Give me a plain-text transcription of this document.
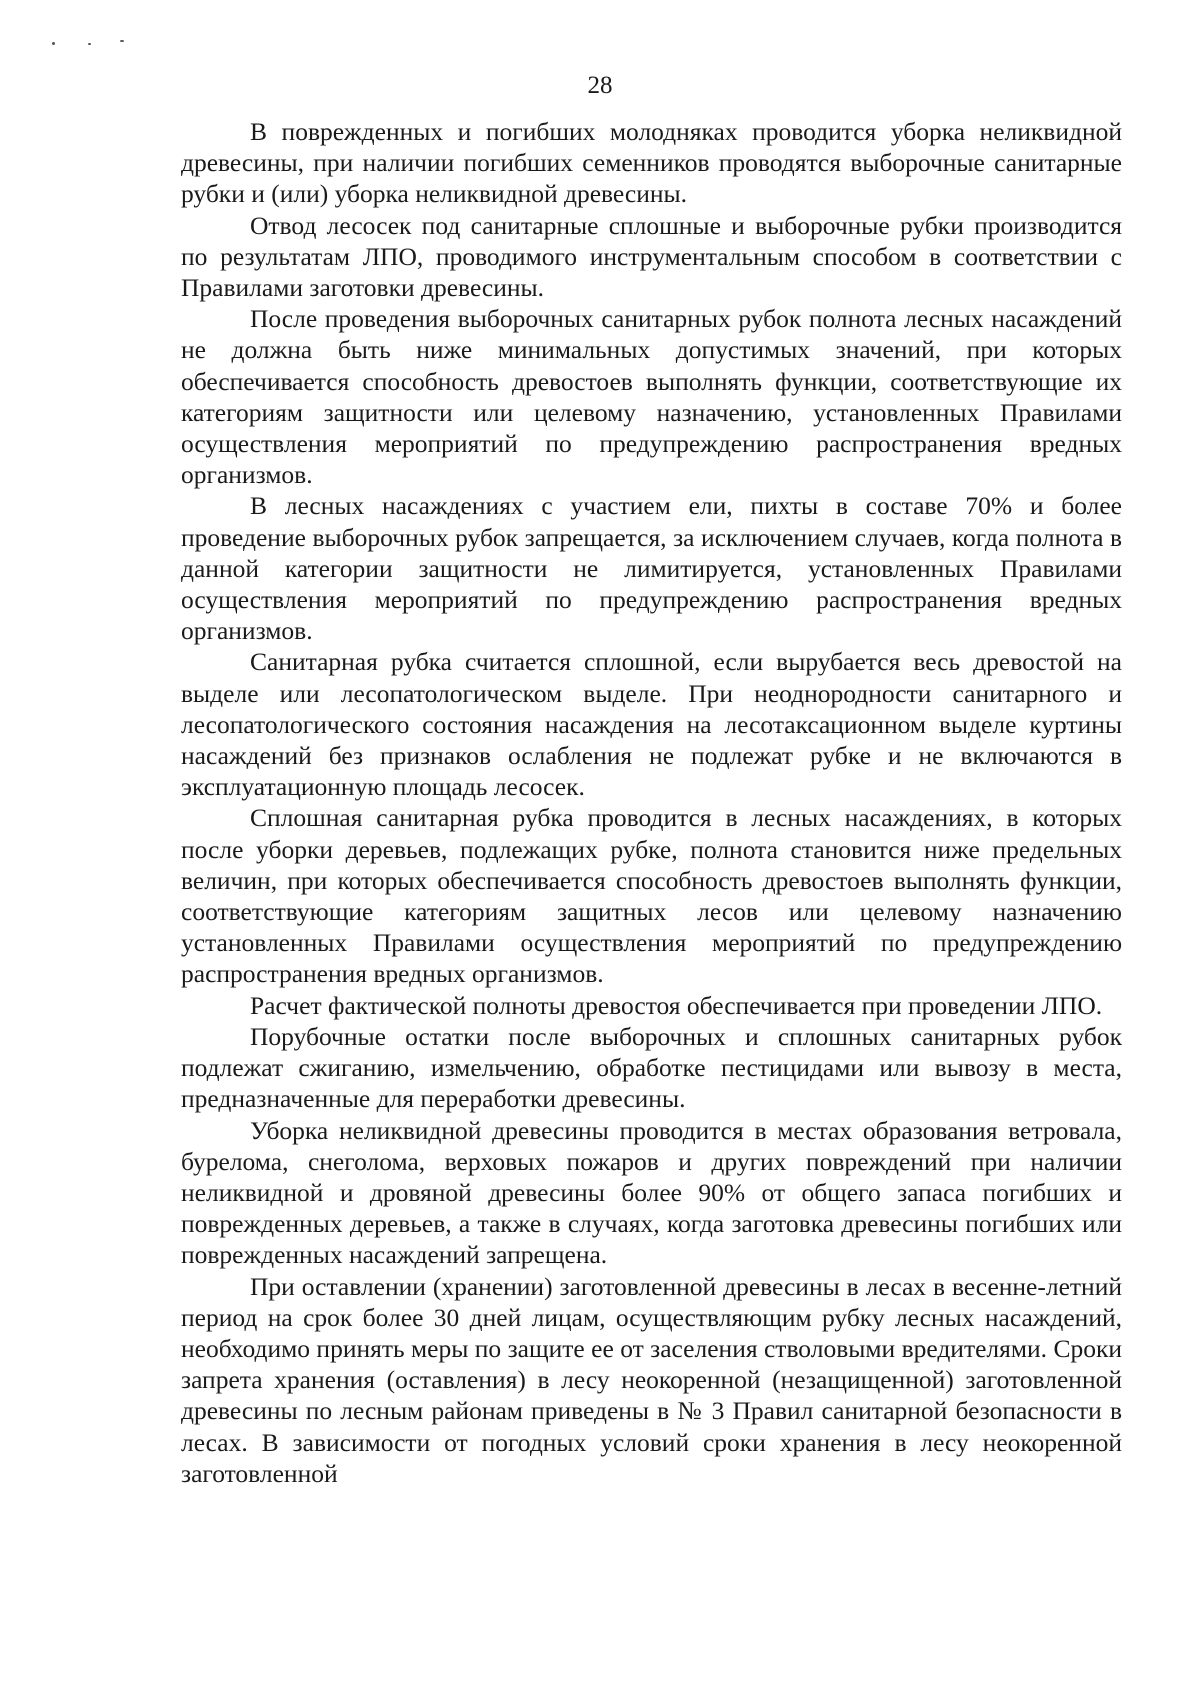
28

В поврежденных и погибших молодняках проводится уборка неликвидной древесины, при наличии погибших семенников проводятся выборочные санитарные рубки и (или) уборка неликвидной древесины.

Отвод лесосек под санитарные сплошные и выборочные рубки производится по результатам ЛПО, проводимого инструментальным способом в соответствии с Правилами заготовки древесины.

После проведения выборочных санитарных рубок полнота лесных насаждений не должна быть ниже минимальных допустимых значений, при которых обеспечивается способность древостоев выполнять функции, соответствующие их категориям защитности или целевому назначению, установленных Правилами осуществления мероприятий по предупреждению распространения вредных организмов.

В лесных насаждениях с участием ели, пихты в составе 70% и более проведение выборочных рубок запрещается, за исключением случаев, когда полнота в данной категории защитности не лимитируется, установленных Правилами осуществления мероприятий по предупреждению распространения вредных организмов.

Санитарная рубка считается сплошной, если вырубается весь древостой на выделе или лесопатологическом выделе. При неоднородности санитарного и лесопатологического состояния насаждения на лесотаксационном выделе куртины насаждений без признаков ослабления не подлежат рубке и не включаются в эксплуатационную площадь лесосек.

Сплошная санитарная рубка проводится в лесных насаждениях, в которых после уборки деревьев, подлежащих рубке, полнота становится ниже предельных величин, при которых обеспечивается способность древостоев выполнять функции, соответствующие категориям защитных лесов или целевому назначению установленных Правилами осуществления мероприятий по предупреждению распространения вредных организмов.

Расчет фактической полноты древостоя обеспечивается при проведении ЛПО.

Порубочные остатки после выборочных и сплошных санитарных рубок подлежат сжиганию, измельчению, обработке пестицидами или вывозу в места, предназначенные для переработки древесины.

Уборка неликвидной древесины проводится в местах образования ветровала, бурелома, снеголома, верховых пожаров и других повреждений при наличии неликвидной и дровяной древесины более 90% от общего запаса погибших и поврежденных деревьев, а также в случаях, когда заготовка древесины погибших или поврежденных насаждений запрещена.

При оставлении (хранении) заготовленной древесины в лесах в весенне-летний период на срок более 30 дней лицам, осуществляющим рубку лесных насаждений, необходимо принять меры по защите ее от заселения стволовыми вредителями. Сроки запрета хранения (оставления) в лесу неокоренной (незащищенной) заготовленной древесины по лесным районам приведены в № 3 Правил санитарной безопасности в лесах. В зависимости от погодных условий сроки хранения в лесу неокоренной заготовленной
